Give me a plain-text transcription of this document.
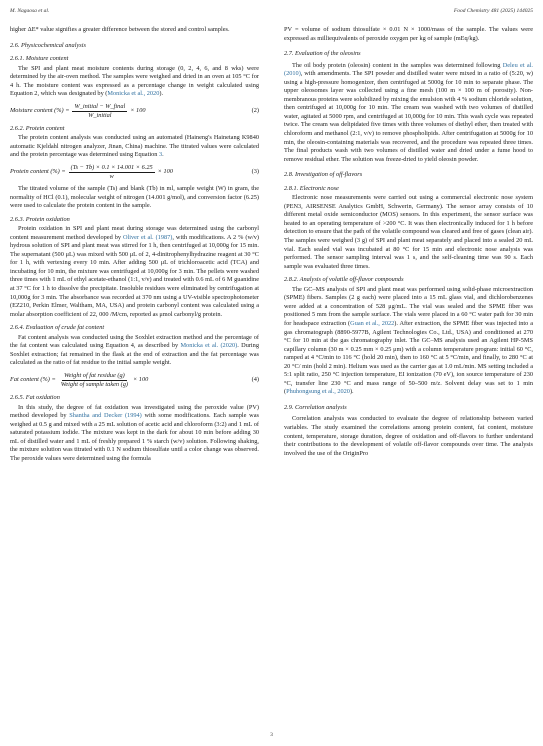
M. Nagaosa et al.	Food Chemistry 481 (2025) 144025

higher ΔE* value signifies a greater difference between the stored and control samples.

2.6. Physicochemical analysis
2.6.1. Moisture content

The SPI and plant meat moisture contents during storage (0, 2, 4, 6, and 8 wks) were determined by the air-oven method. The samples were weighed and dried in an oven at 105 °C for 4 h. The moisture content was expressed as a percentage change in weight calculated using Equation 2, which was designated by (Monicka et al., 2020).

Moisture content (%) = $\frac{\text{W\_initial − W\_final}}{\text{W\_initial}} \times 100$	(2)
2.6.2. Protein content

The protein content analysis was conducted using an automated (Haineng's Hainetang K9840 automatic Kjeldahl nitrogen analyzer, Jinan, China) machine. The titrated values were calculated and the protein percentage was determined using Equation 3.

Protein content (%) = $\frac{(Ts - Tb) \times 0.1 \times 14.001 \times 6.25}{w} \times 100$	(3)

The titrated volume of the sample (Ts) and blank (Tb) in ml, sample weight (W) in gram, the normality of HCl (0.1), molecular weight of nitrogen (14.001 g/mol), and conversion factor (6.25) were used to calculate the protein content in the sample.

2.6.3. Protein oxidation

Protein oxidation in SPI and plant meat during storage was determined using the carbonyl content measurement method developed by Oliver et al. (1987), with modifications. A 2 % (w/v) hydrous solution of SPI and plant meat was stirred for 1 h, then centrifuged at 10,000g for 15 min. The supernatant (500 μL) was mixed with 500 μL of 2, 4-dinitrophenylhydrazine reagent at 30 °C for 1 h, with vertexing every 10 min. After adding 500 μL of trichloroacetic acid (TCA) and incubating for 10 min, the mixture was centrifuged at 10,000g for 3 min. The pellets were washed three times with 1 mL of ethyl acetate-ethanol (1:1, v/v) and treated with 0.6 mL of 6 M guanidine at 37 °C for 1 h to dissolve the precipitate. Insoluble residues were eliminated by centrifugation at 10,000g for 3 min. The absorbance was recorded at 370 nm using a UV-visible spectrophotometer (EZ210, Perkin Elmer, Waltham, MA, USA) and protein carbonyl content was calculated using a molar absorption coefficient of 22, 000 /M/cm, reported as μmol carbonyl/g protein.

2.6.4. Evaluation of crude fat content

Fat content analysis was conducted using the Soxhlet extraction method and the percentage of the fat content was calculated using Equation 4, as described by Monicka et al. (2020). During Soxhlet extraction; fat remained in the flask at the end of extraction and the fat percentage was calculated as the ratio of fat residue to the initial sample weight.

Fat content (%) = $\frac{\text{Weight of fat residue (g)}}{\text{Weight of sample taken (g)}} \times 100$	(4)
2.6.5. Fat oxidation

In this study, the degree of fat oxidation was investigated using the peroxide value (PV) method developed by Shantha and Decker (1994) with some modifications. Each sample was weighed at 0.5 g and mixed with a 25 mL solution of acetic acid and chloroform (3:2) and 1 mL of saturated potassium iodide. The mixture was kept in the dark for about 10 min before adding 30 mL of distilled water and 1 mL of freshly prepared 1 % starch (w/v) solution. Following shaking, the mixture solution was titrated with 0.1 N sodium thiosulfate until a color change was observed. The peroxide values were determined using the formula

PV = volume of sodium thiosulfate × 0.01 N × 1000/mass of the sample. The values were expressed as milliequivalents of peroxide oxygen per kg of sample (mEq/kg).

2.7. Evaluation of the oleosins

The oil body protein (oleosin) content in the samples was determined following Deleu et al. (2010), with amendments. The SPI powder and distilled water were mixed in a ratio of (5:20, w) using a high-pressure homogenizer, then centrifuged at 5000g for 10 min to separate phase. The upper oleosomes layer was collected using a fine mesh (100 m × 100 m of porosity). Non-membranous proteins were solubilized by mixing the emulsion with 4 % sodium chloride solution, then centrifuged at 10,000g for 10 min. The cream was washed with two volumes of distilled water, agitated at 5000 rpm, and centrifuged at 10,000g for 10 min. This wash cycle was repeated twice. The cream was delipidated five times with three volumes of diethyl ether, then treated with chloroform and methanol (2:1, v/v) to remove phospholipids. After centrifugation at 5000g for 10 min, the oleosin-containing materials was recovered, and the procedure was repeated three times. The final products wash with two volumes of distilled water and dried under a fume hood to remove residual ether. The solution was freeze-dried to yield oleosin powder.

2.8. Investigation of off-flavors
2.8.1. Electronic nose

Electronic nose measurements were carried out using a commercial electronic nose system (PEN3, AIRSENSE Analytics GmbH, Schwerin, Germany). The sensor array consists of 10 different metal oxide semiconductor (MOS) sensors. In this experiment, the sensor surface was heated to an operating temperature of >200 °C. It was then electronically induced for 1 h before detection to ensure that the path of the volatile compound was cleared and free of gases (clean air). The samples were weighed (3 g) of SPI and plant meat separately and placed into a sealed 20 mL vial. Each sealed vial was incubated at 80 °C for 15 min and electronic nose analysis was performed. The sensor sampling interval was 1 s, and the self-cleaning time was 90 s. Each sample was evaluated three times.

2.8.2. Analysis of volatile off-flavor compounds

The GC–MS analysis of SPI and plant meat was performed using solid-phase microextraction (SPME) fibers. Samples (2 g each) were placed into a 15 mL glass vial, and dichlorobenzenes were added at a concentration of 528 μg/mL. The vial was sealed and the SPME fiber was positioned 5 mm from the sample surface. The vials were placed in a 60 °C water path for 30 min for headspace extraction (Guan et al., 2022). After extraction, the SPME fiber was injected into a gas chromatograph (8890-5977B, Agilent Technologies Co., Ltd., USA) and conditioned at 270 °C for 10 min at the gas chromatography inlet. The GC–MS analysis used an Agilent HP-5MS capillary column (30 m × 0.25 mm × 0.25 μm) with a column temperature program: initial 60 °C, ramped at 4 °C/min to 116 °C (hold 20 min), then to 160 °C at 5 °C/min, and finally, to 280 °C at 20 °C/ min (hold 2 min). Helium was used as the carrier gas at 1.0 mL/min. MS setting included a 5:1 split ratio, 250 °C injection temperature, EI ionization (70 eV), ion source temperature of 230 °C, transfer line 230 °C and mass range of 50–500 m/z. Solvent delay was set to 1 min (Phuhongsung et al., 2020).

2.9. Correlation analysis

Correlation analysis was conducted to evaluate the degree of relationship between varied variables. The study examined the correlations among protein content, fat content, moisture content, temperature, storage duration, degree of oxidation and off-flavors to further understand their contributions to the development of volatile off-flavor compounds over time. The analysis involved the use of the OriginPro

3
